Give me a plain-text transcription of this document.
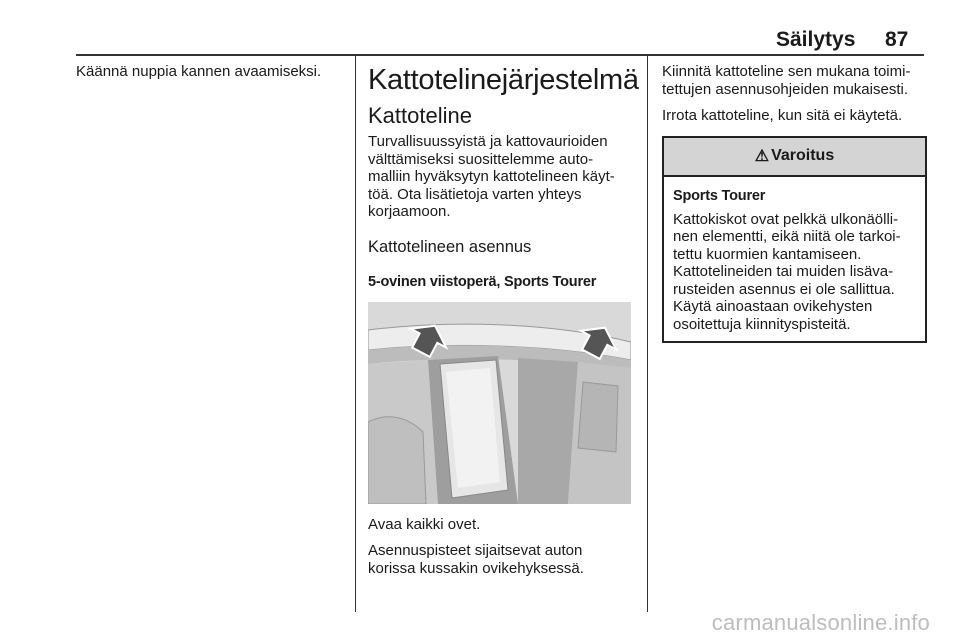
Säilytys 87

Käännä nuppia kannen avaamiseksi.	Kattotelinejärjestelmä
Kattoteline

Turvallisuussyistä ja kattovaurioiden
välttämiseksi suosittelemme auto-
malliin hyväksytyn kattotelineen käyt-
töä. Ota lisätietoja varten yhteys
korjaamoon.

Kattotelineen asennus
5-ovinen viistoperä, Sports Tourer

Avaa kaikki ovet.

Asennuspisteet sijaitsevat auton
korissa kussakin ovikehyksessä.

Kiinnitä kattoteline sen mukana toimi-
tettujen asennusohjeiden mukaisesti.

Irrota kattoteline, kun sitä ei käytetä.

⚠ Varoitus
Sports Tourer

Kattokiskot ovat pelkkä ulkonäölli-
nen elementti, eikä niitä ole tarkoi-
tettu kuormien kantamiseen.
Kattotelineiden tai muiden lisäva-
rusteiden asennus ei ole sallittua.
Käytä ainoastaan ovikehysten
osoitettuja kiinnityspisteitä.

carmanualsonline.info
